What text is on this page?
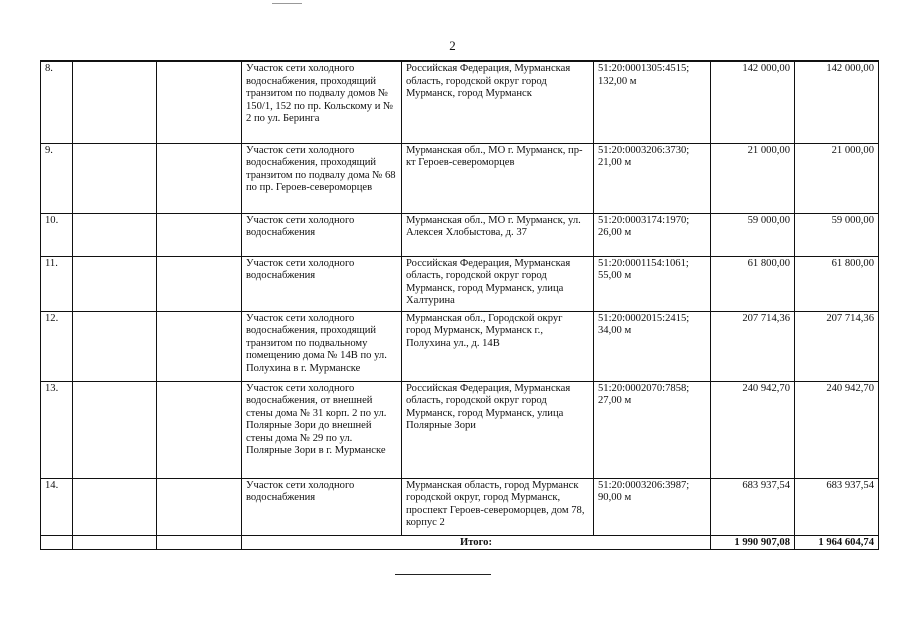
2
8.			Участок сети холодного водоснабжения, проходящий транзитом по подвалу домов № 150/1, 152 по пр. Кольскому и № 2 по ул. Беринга	Российская Федерация, Мурманская область, городской округ город Мурманск, город Мурманск	51:20:0001305:4515; 132,00 м	142 000,00	142 000,00
9.			Участок сети холодного водоснабжения, проходящий транзитом по подвалу дома № 68 по пр. Героев-североморцев	Мурманская обл., МО г. Мурманск, пр-кт Героев-североморцев	51:20:0003206:3730; 21,00 м	21 000,00	21 000,00
10.			Участок сети холодного водоснабжения	Мурманская обл., МО г. Мурманск, ул. Алексея Хлобыстова, д. 37	51:20:0003174:1970; 26,00 м	59 000,00	59 000,00
11.			Участок сети холодного водоснабжения	Российская Федерация, Мурманская область, городской округ город Мурманск, город Мурманск, улица Халтурина	51:20:0001154:1061; 55,00 м	61 800,00	61 800,00
12.			Участок сети холодного водоснабжения, проходящий транзитом по подвальному помещению дома № 14В по ул. Полухина в г. Мурманске	Мурманская обл., Городской округ город Мурманск, Мурманск г., Полухина ул., д. 14В	51:20:0002015:2415; 34,00 м	207 714,36	207 714,36
13.			Участок сети холодного водоснабжения, от внешней стены дома № 31 корп. 2 по ул. Полярные Зори до внешней стены дома № 29 по ул. Полярные Зори в г. Мурманске	Российская Федерация, Мурманская область, городской округ город Мурманск, город Мурманск, улица Полярные Зори	51:20:0002070:7858; 27,00 м	240 942,70	240 942,70
14.			Участок сети холодного водоснабжения	Мурманская область, город Мурманск городской округ, город Мурманск, проспект Героев-североморцев, дом 78, корпус 2	51:20:0003206:3987; 90,00 м	683 937,54	683 937,54
			Итого:			1 990 907,08	1 964 604,74
